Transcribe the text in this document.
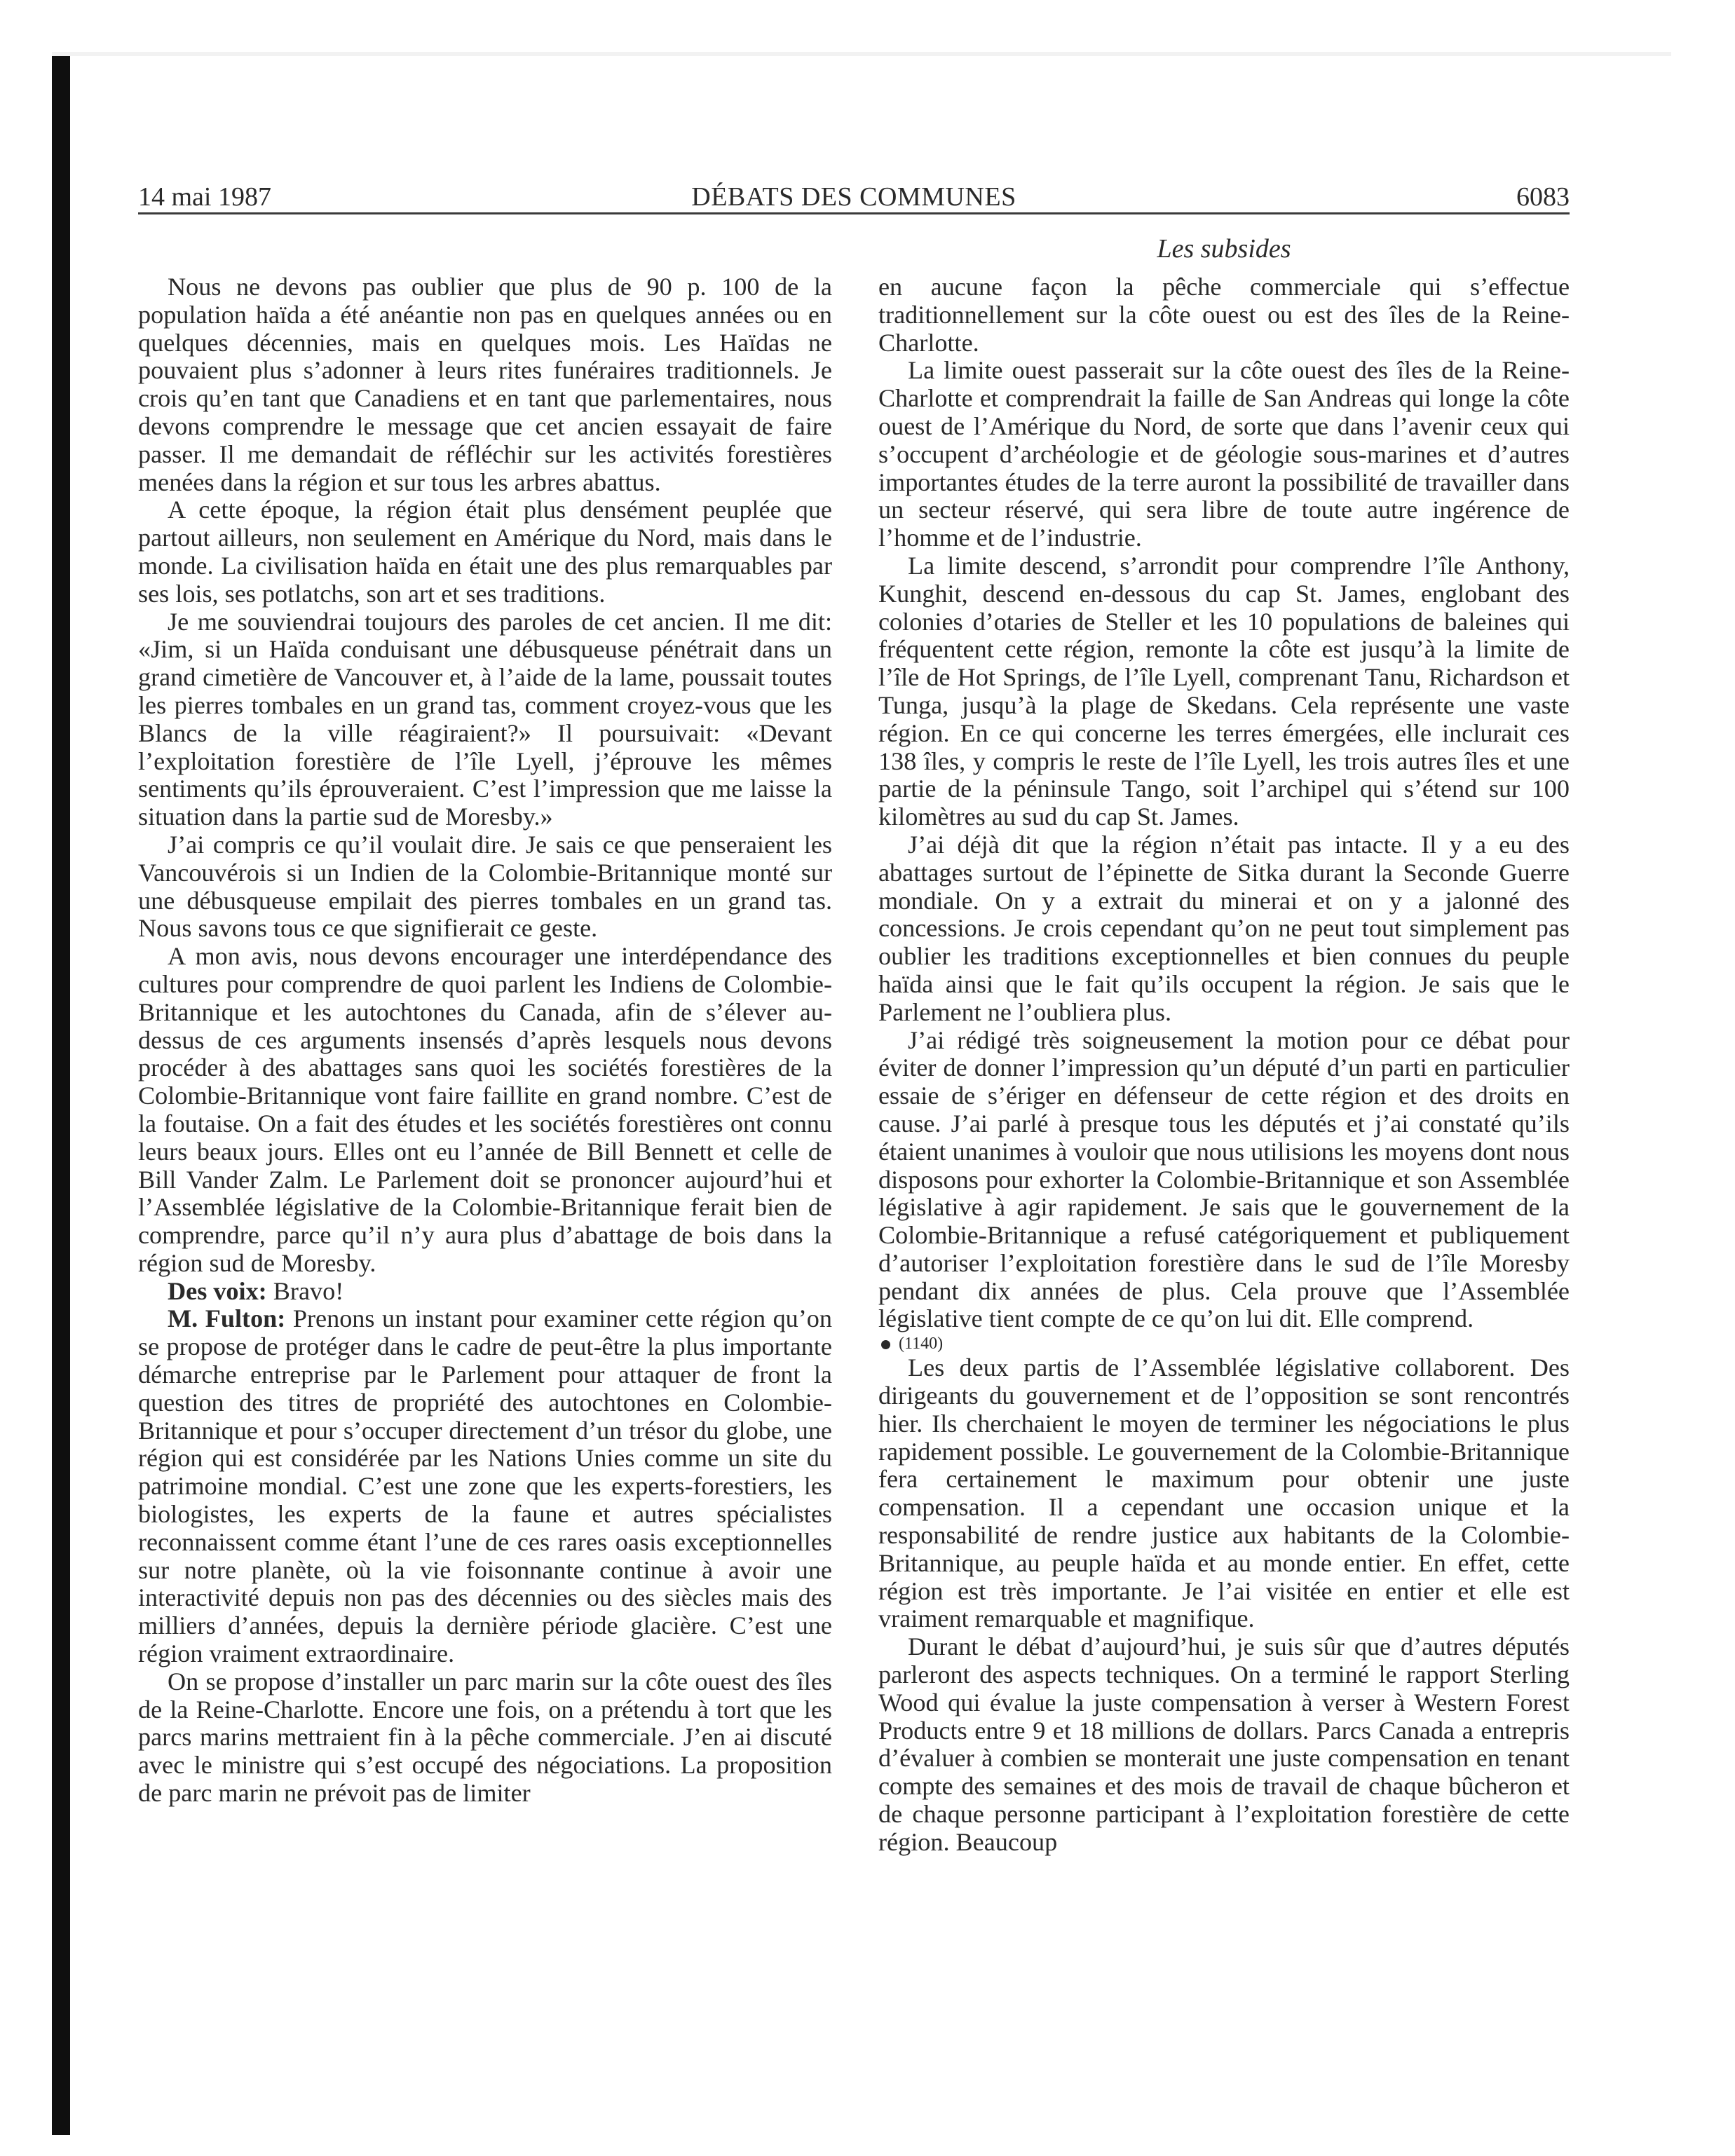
14 mai 1987	DÉBATS DES COMMUNES	6083
Les subsides

Nous ne devons pas oublier que plus de 90 p. 100 de la population haïda a été anéantie non pas en quelques années ou en quelques décennies, mais en quelques mois. Les Haïdas ne pouvaient plus s’adonner à leurs rites funéraires traditionnels. Je crois qu’en tant que Canadiens et en tant que parlementaires, nous devons comprendre le message que cet ancien essayait de faire passer. Il me demandait de réfléchir sur les activités forestières menées dans la région et sur tous les arbres abattus.

A cette époque, la région était plus densément peuplée que partout ailleurs, non seulement en Amérique du Nord, mais dans le monde. La civilisation haïda en était une des plus remarquables par ses lois, ses potlatchs, son art et ses traditions.

Je me souviendrai toujours des paroles de cet ancien. Il me dit: «Jim, si un Haïda conduisant une débusqueuse pénétrait dans un grand cimetière de Vancouver et, à l’aide de la lame, poussait toutes les pierres tombales en un grand tas, comment croyez-vous que les Blancs de la ville réagiraient?» Il poursuivait: «Devant l’exploitation forestière de l’île Lyell, j’éprouve les mêmes sentiments qu’ils éprouveraient. C’est l’impression que me laisse la situation dans la partie sud de Moresby.»

J’ai compris ce qu’il voulait dire. Je sais ce que penseraient les Vancouvérois si un Indien de la Colombie-Britannique monté sur une débusqueuse empilait des pierres tombales en un grand tas. Nous savons tous ce que signifierait ce geste.

A mon avis, nous devons encourager une interdépendance des cultures pour comprendre de quoi parlent les Indiens de Colombie-Britannique et les autochtones du Canada, afin de s’élever au-dessus de ces arguments insensés d’après lesquels nous devons procéder à des abattages sans quoi les sociétés forestières de la Colombie-Britannique vont faire faillite en grand nombre. C’est de la foutaise. On a fait des études et les sociétés forestières ont connu leurs beaux jours. Elles ont eu l’année de Bill Bennett et celle de Bill Vander Zalm. Le Parlement doit se prononcer aujourd’hui et l’Assemblée législative de la Colombie-Britannique ferait bien de comprendre, parce qu’il n’y aura plus d’abattage de bois dans la région sud de Moresby.

Des voix: Bravo!

M. Fulton: Prenons un instant pour examiner cette région qu’on se propose de protéger dans le cadre de peut-être la plus importante démarche entreprise par le Parlement pour attaquer de front la question des titres de propriété des autochtones en Colombie-Britannique et pour s’occuper directement d’un trésor du globe, une région qui est considérée par les Nations Unies comme un site du patrimoine mondial. C’est une zone que les experts-forestiers, les biologistes, les experts de la faune et autres spécialistes reconnaissent comme étant l’une de ces rares oasis exceptionnelles sur notre planète, où la vie foisonnante continue à avoir une interactivité depuis non pas des décennies ou des siècles mais des milliers d’années, depuis la dernière période glacière. C’est une région vraiment extraordinaire.

On se propose d’installer un parc marin sur la côte ouest des îles de la Reine-Charlotte. Encore une fois, on a prétendu à tort que les parcs marins mettraient fin à la pêche commerciale. J’en ai discuté avec le ministre qui s’est occupé des négociations. La proposition de parc marin ne prévoit pas de limiter

en aucune façon la pêche commerciale qui s’effectue traditionnellement sur la côte ouest ou est des îles de la Reine-Charlotte.

La limite ouest passerait sur la côte ouest des îles de la Reine-Charlotte et comprendrait la faille de San Andreas qui longe la côte ouest de l’Amérique du Nord, de sorte que dans l’avenir ceux qui s’occupent d’archéologie et de géologie sous-marines et d’autres importantes études de la terre auront la possibilité de travailler dans un secteur réservé, qui sera libre de toute autre ingérence de l’homme et de l’industrie.

La limite descend, s’arrondit pour comprendre l’île Anthony, Kunghit, descend en-dessous du cap St. James, englobant des colonies d’otaries de Steller et les 10 populations de baleines qui fréquentent cette région, remonte la côte est jusqu’à la limite de l’île de Hot Springs, de l’île Lyell, comprenant Tanu, Richardson et Tunga, jusqu’à la plage de Skedans. Cela représente une vaste région. En ce qui concerne les terres émergées, elle inclurait ces 138 îles, y compris le reste de l’île Lyell, les trois autres îles et une partie de la péninsule Tango, soit l’archipel qui s’étend sur 100 kilomètres au sud du cap St. James.

J’ai déjà dit que la région n’était pas intacte. Il y a eu des abattages surtout de l’épinette de Sitka durant la Seconde Guerre mondiale. On y a extrait du minerai et on y a jalonné des concessions. Je crois cependant qu’on ne peut tout simplement pas oublier les traditions exceptionnelles et bien connues du peuple haïda ainsi que le fait qu’ils occupent la région. Je sais que le Parlement ne l’oubliera plus.

J’ai rédigé très soigneusement la motion pour ce débat pour éviter de donner l’impression qu’un député d’un parti en particulier essaie de s’ériger en défenseur de cette région et des droits en cause. J’ai parlé à presque tous les députés et j’ai constaté qu’ils étaient unanimes à vouloir que nous utilisions les moyens dont nous disposons pour exhorter la Colombie-Britannique et son Assemblée législative à agir rapidement. Je sais que le gouvernement de la Colombie-Britannique a refusé catégoriquement et publiquement d’autoriser l’exploitation forestière dans le sud de l’île Moresby pendant dix années de plus. Cela prouve que l’Assemblée législative tient compte de ce qu’on lui dit. Elle comprend.

(1140)

Les deux partis de l’Assemblée législative collaborent. Des dirigeants du gouvernement et de l’opposition se sont rencontrés hier. Ils cherchaient le moyen de terminer les négociations le plus rapidement possible. Le gouvernement de la Colombie-Britannique fera certainement le maximum pour obtenir une juste compensation. Il a cependant une occasion unique et la responsabilité de rendre justice aux habitants de la Colombie-Britannique, au peuple haïda et au monde entier. En effet, cette région est très importante. Je l’ai visitée en entier et elle est vraiment remarquable et magnifique.

Durant le débat d’aujourd’hui, je suis sûr que d’autres députés parleront des aspects techniques. On a terminé le rapport Sterling Wood qui évalue la juste compensation à verser à Western Forest Products entre 9 et 18 millions de dollars. Parcs Canada a entrepris d’évaluer à combien se monterait une juste compensation en tenant compte des semaines et des mois de travail de chaque bûcheron et de chaque personne participant à l’exploitation forestière de cette région. Beaucoup
